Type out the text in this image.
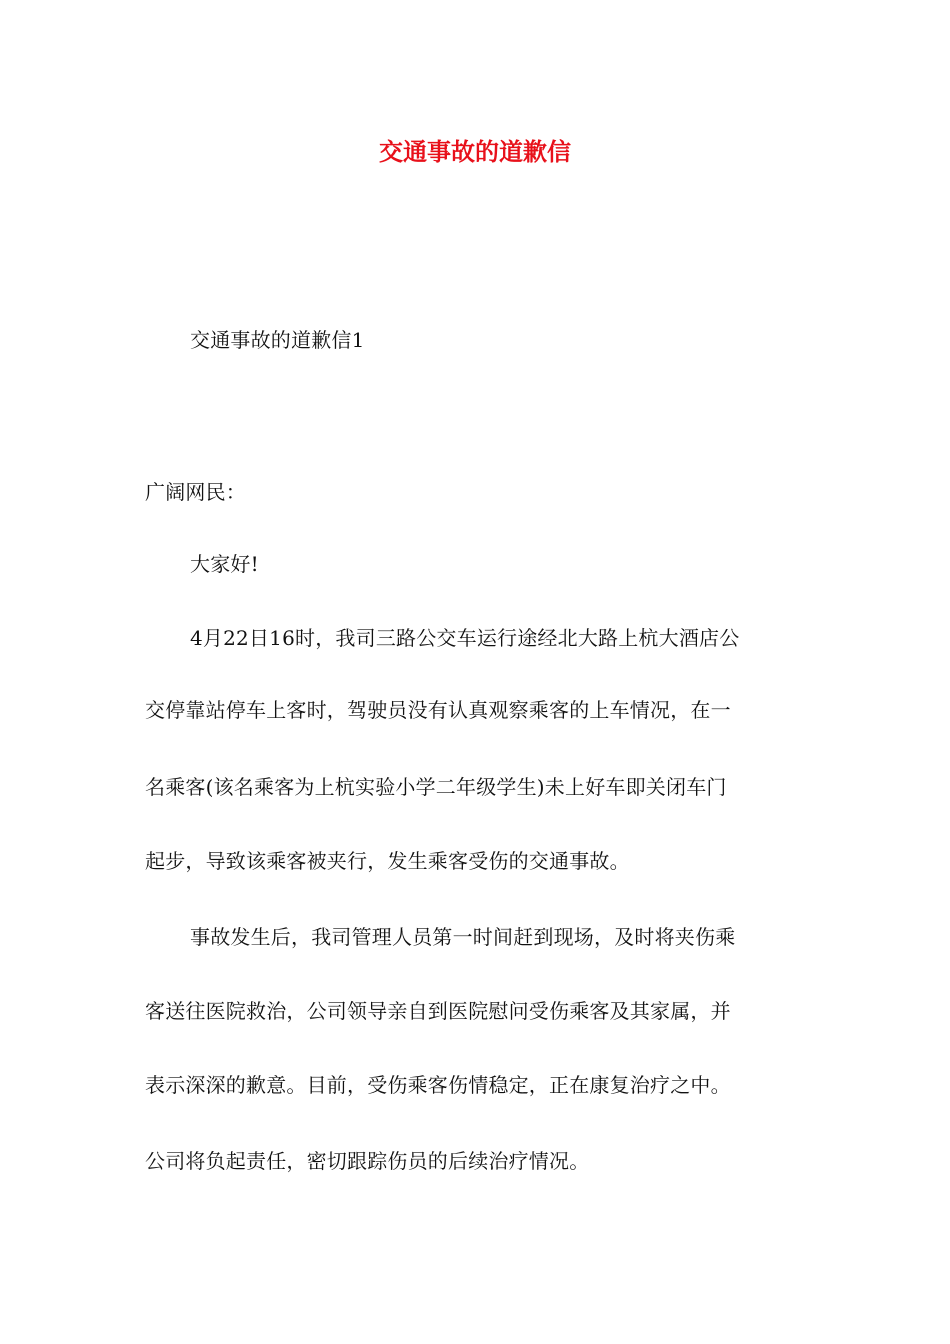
交通事故的道歉信
交通事故的道歉信1
广阔网民：
大家好!
4月22日16时，我司三路公交车运行途经北大路上杭大酒店公
交停靠站停车上客时，驾驶员没有认真观察乘客的上车情况，在一
名乘客(该名乘客为上杭实验小学二年级学生)未上好车即关闭车门
起步，导致该乘客被夹行，发生乘客受伤的交通事故。
事故发生后，我司管理人员第一时间赶到现场，及时将夹伤乘
客送往医院救治，公司领导亲自到医院慰问受伤乘客及其家属，并
表示深深的歉意。目前，受伤乘客伤情稳定，正在康复治疗之中。
公司将负起责任，密切跟踪伤员的后续治疗情况。
